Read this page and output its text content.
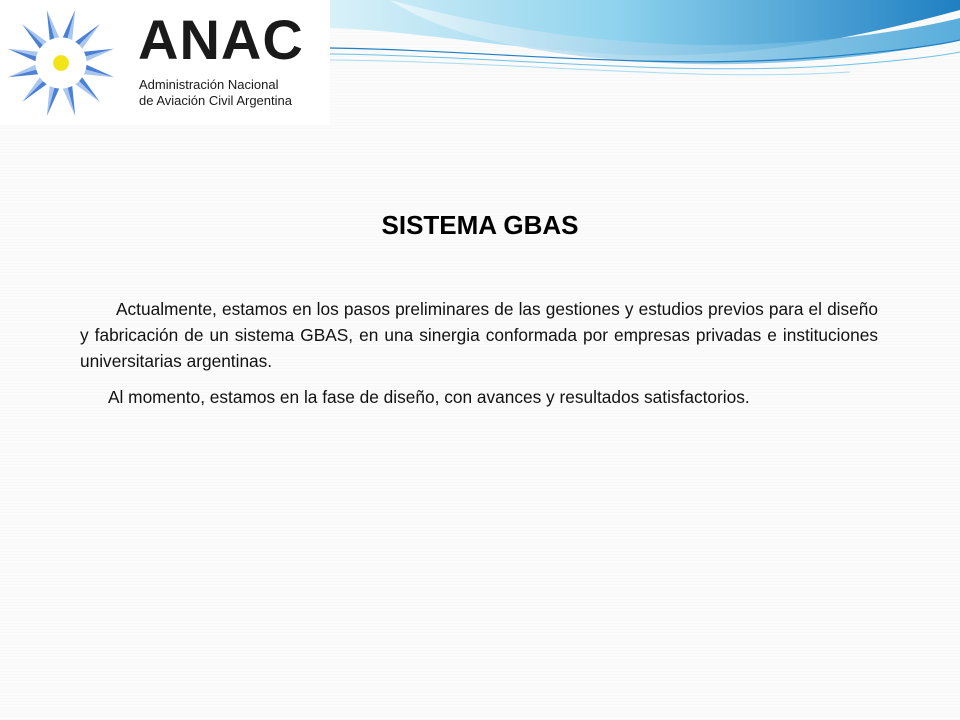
ANAC
Administración Nacional
de Aviación Civil Argentina
SISTEMA GBAS

Actualmente, estamos en los pasos preliminares de las gestiones y estudios previos para el diseño y fabricación de un sistema GBAS, en una sinergia conformada por empresas privadas e instituciones universitarias argentinas.

Al momento, estamos en la fase de diseño, con avances y resultados satisfactorios.
